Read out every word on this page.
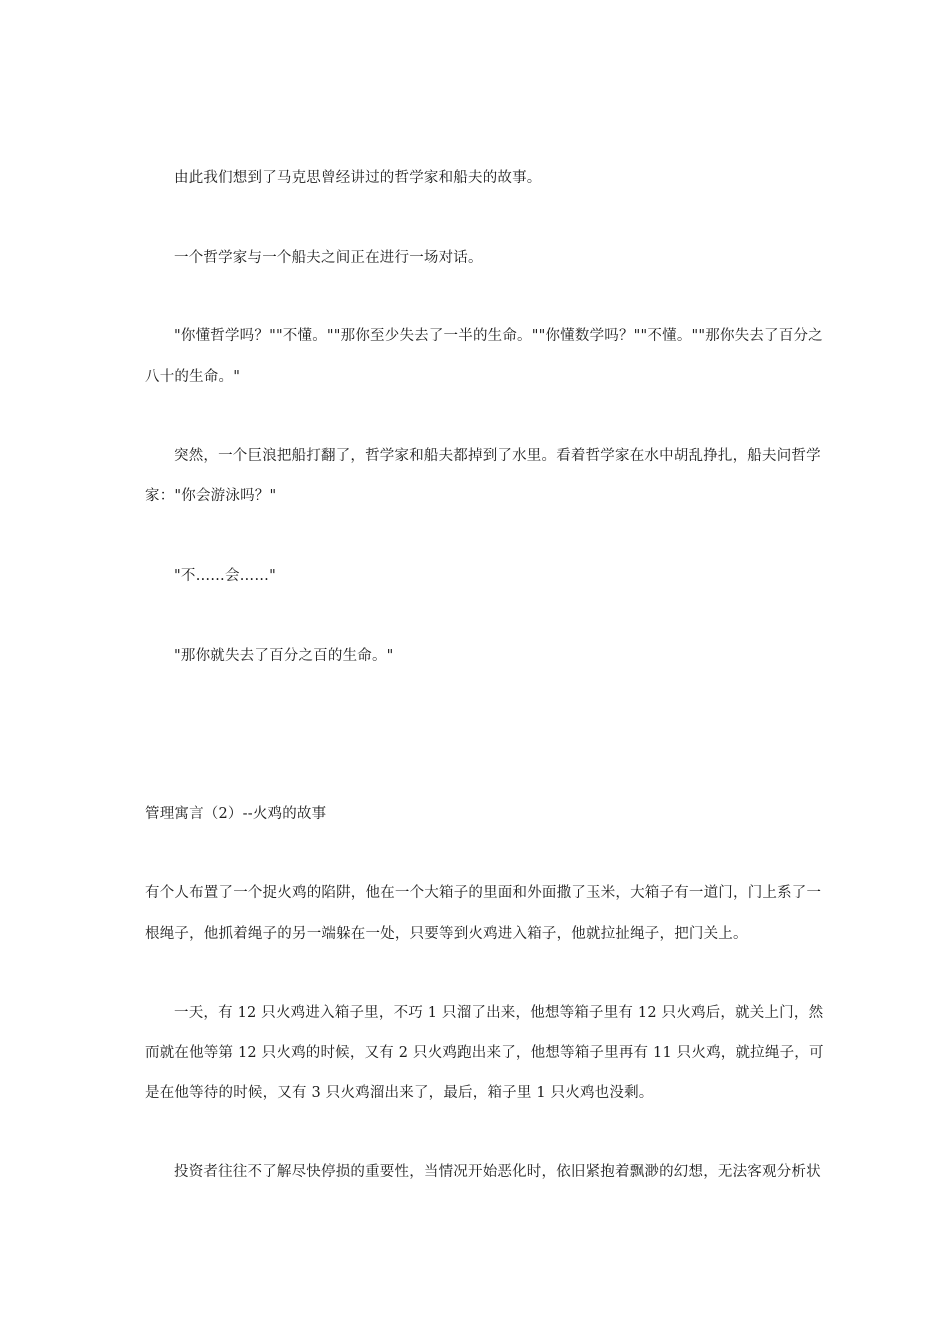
由此我们想到了马克思曾经讲过的哲学家和船夫的故事。
一个哲学家与一个船夫之间正在进行一场对话。
"你懂哲学吗？""不懂。""那你至少失去了一半的生命。""你懂数学吗？""不懂。""那你失去了百分之
八十的生命。"
突然，一个巨浪把船打翻了，哲学家和船夫都掉到了水里。看着哲学家在水中胡乱挣扎，船夫问哲学
家："你会游泳吗？"
"不……会……"
"那你就失去了百分之百的生命。"
管理寓言（2）--火鸡的故事
有个人布置了一个捉火鸡的陷阱，他在一个大箱子的里面和外面撒了玉米，大箱子有一道门，门上系了一
根绳子，他抓着绳子的另一端躲在一处，只要等到火鸡进入箱子，他就拉扯绳子，把门关上。
一天，有 12 只火鸡进入箱子里，不巧 1 只溜了出来，他想等箱子里有 12 只火鸡后，就关上门，然
而就在他等第 12 只火鸡的时候，又有 2 只火鸡跑出来了，他想等箱子里再有 11 只火鸡，就拉绳子，可
是在他等待的时候，又有 3 只火鸡溜出来了，最后，箱子里 1 只火鸡也没剩。
投资者往往不了解尽快停损的重要性，当情况开始恶化时，依旧紧抱着飘渺的幻想，无法客观分析状
